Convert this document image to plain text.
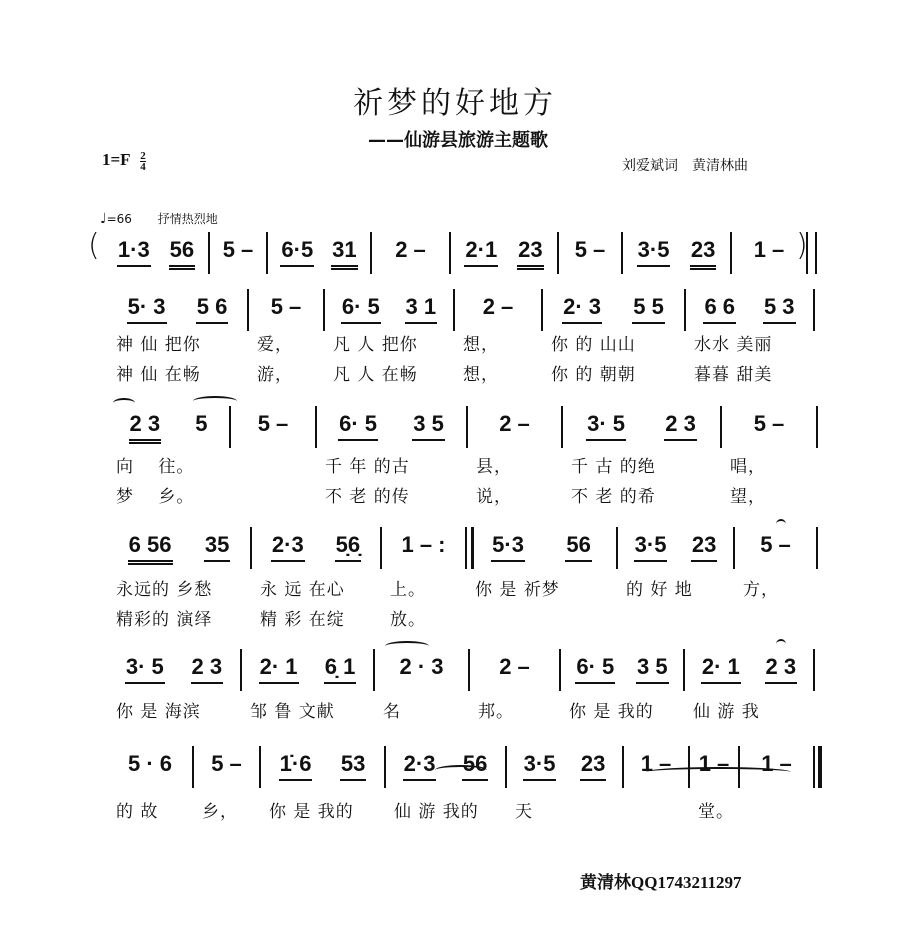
祈梦的好地方
——仙游县旅游主题歌
$1=F \frac{2}{4}$	刘爱斌词　黄清林曲
♩=66 抒情热烈地
1·3 56 5 – 6·5 31 2 – 2·1 23 5 – 3·5 23 1 –
5· 3 5 6
神 仙 把你
神 仙 在畅
5 –
爱，
游，
6· 5 3 1
凡 人 把你
凡 人 在畅
2 –
想，
想，
2· 3 5 5
你 的 山山
你 的 朝朝
6 6 5 3
水水 美丽
暮暮 甜美
2 3 5
向　 往。
梦　 乡。
5 – 6· 5 3 5
千 年 的古
不 老 的传
2 –
县，
说，
3· 5 2 3
千 古 的绝
不 老 的希
5 –
唱，
望，
6 56 35
永远的 乡愁
精彩的 演绎
2·3 5̣6̣
永 远 在心
精 彩 在绽
1 – :
上。
放。
5·3 56
你 是 祈梦
3·5 23
的 好 地
5 –
方，
3· 5 2 3
你 是 海滨
2· 1 6̣ 1
邹 鲁 文献
2 · 3
名
2 –
邦。
6· 5 3 5
你 是 我的
2· 1 2 3
仙 游 我
5 · 6
的 故
5 –
乡，
1̇·6 53
你 是 我的
2·3 56
仙 游 我的
3·5 23
天
1 – 1 –
堂。
1 –
(	)
黄清林QQ1743211297
